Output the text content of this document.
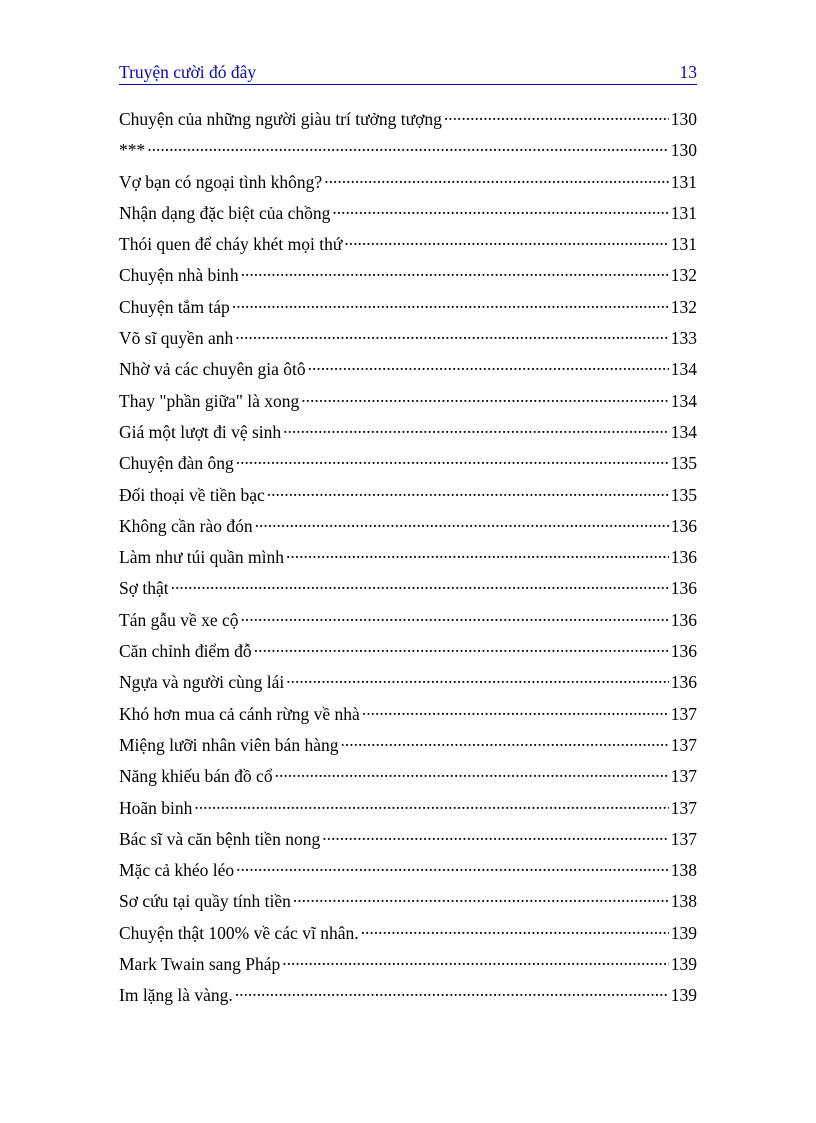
Truyện cười đó đây	13
Chuyện của những người giàu trí tưởng tượng .....	130
*** .....	130
Vợ bạn có ngoại tình không? .....	131
Nhận dạng đặc biệt của chồng .....	131
Thói quen để cháy khét mọi thứ .....	131
Chuyện nhà binh .....	132
Chuyện tắm táp .....	132
Võ sĩ quyền anh .....	133
Nhờ vả các chuyên gia ôtô .....	134
Thay "phần giữa" là xong .....	134
Giá một lượt đi vệ sinh .....	134
Chuyện đàn ông .....	135
Đối thoại về tiền bạc .....	135
Không cần rào đón .....	136
Làm như túi quần mình .....	136
Sợ thật .....	136
Tán gẫu về xe cộ .....	136
Căn chỉnh điểm đỗ .....	136
Ngựa và người cùng lái .....	136
Khó hơn mua cả cánh rừng về nhà .....	137
Miệng lưỡi nhân viên bán hàng .....	137
Năng khiếu bán đồ cổ .....	137
Hoãn binh .....	137
Bác sĩ và căn bệnh tiền nong .....	137
Mặc cả khéo léo .....	138
Sơ cứu tại quầy tính tiền .....	138
Chuyện thật 100% về các vĩ nhân. .....	139
Mark Twain sang Pháp .....	139
Im lặng là vàng. .....	139
